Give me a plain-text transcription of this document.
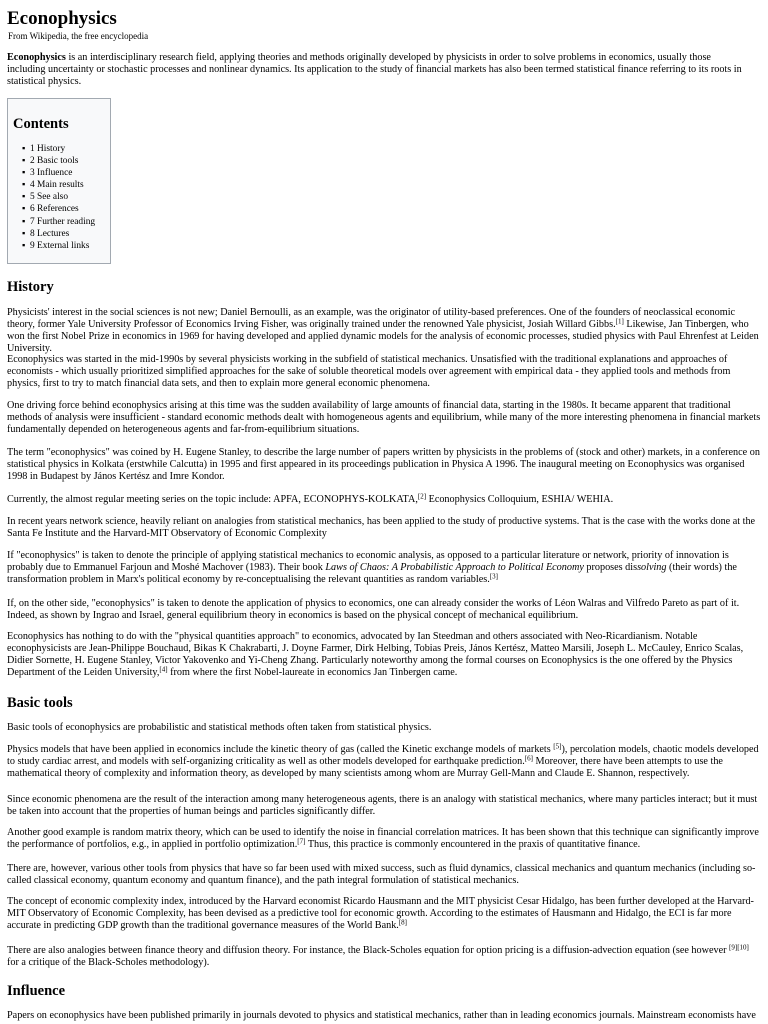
Econophysics
From Wikipedia, the free encyclopedia

Econophysics is an interdisciplinary research field, applying theories and methods originally developed by physicists in order to solve problems in economics, usually those including uncertainty or stochastic processes and nonlinear dynamics. Its application to the study of financial markets has also been termed statistical finance referring to its roots in statistical physics.

Contents
▪ 1 History
▪ 2 Basic tools
▪ 3 Influence
▪ 4 Main results
▪ 5 See also
▪ 6 References
▪ 7 Further reading
▪ 8 Lectures
▪ 9 External links
History

Physicists' interest in the social sciences is not new; Daniel Bernoulli, as an example, was the originator of utility-based preferences. One of the founders of neoclassical economic theory, former Yale University Professor of Economics Irving Fisher, was originally trained under the renowned Yale physicist, Josiah Willard Gibbs.[1] Likewise, Jan Tinbergen, who won the first Nobel Prize in economics in 1969 for having developed and applied dynamic models for the analysis of economic processes, studied physics with Paul Ehrenfest at Leiden University.

Econophysics was started in the mid-1990s by several physicists working in the subfield of statistical mechanics. Unsatisfied with the traditional explanations and approaches of economists - which usually prioritized simplified approaches for the sake of soluble theoretical models over agreement with empirical data - they applied tools and methods from physics, first to try to match financial data sets, and then to explain more general economic phenomena.

One driving force behind econophysics arising at this time was the sudden availability of large amounts of financial data, starting in the 1980s. It became apparent that traditional methods of analysis were insufficient - standard economic methods dealt with homogeneous agents and equilibrium, while many of the more interesting phenomena in financial markets fundamentally depended on heterogeneous agents and far-from-equilibrium situations.

The term "econophysics" was coined by H. Eugene Stanley, to describe the large number of papers written by physicists in the problems of (stock and other) markets, in a conference on statistical physics in Kolkata (erstwhile Calcutta) in 1995 and first appeared in its proceedings publication in Physica A 1996. The inaugural meeting on Econophysics was organised 1998 in Budapest by János Kertész and Imre Kondor.

Currently, the almost regular meeting series on the topic include: APFA, ECONOPHYS-KOLKATA,[2] Econophysics Colloquium, ESHIA/ WEHIA.

In recent years network science, heavily reliant on analogies from statistical mechanics, has been applied to the study of productive systems. That is the case with the works done at the Santa Fe Institute and the Harvard-MIT Observatory of Economic Complexity

If "econophysics" is taken to denote the principle of applying statistical mechanics to economic analysis, as opposed to a particular literature or network, priority of innovation is probably due to Emmanuel Farjoun and Moshé Machover (1983). Their book Laws of Chaos: A Probabilistic Approach to Political Economy proposes dissolving (their words) the transformation problem in Marx's political economy by re-conceptualising the relevant quantities as random variables.[3]

If, on the other side, "econophysics" is taken to denote the application of physics to economics, one can already consider the works of Léon Walras and Vilfredo Pareto as part of it. Indeed, as shown by Ingrao and Israel, general equilibrium theory in economics is based on the physical concept of mechanical equilibrium.

Econophysics has nothing to do with the "physical quantities approach" to economics, advocated by Ian Steedman and others associated with Neo-Ricardianism. Notable econophysicists are Jean-Philippe Bouchaud, Bikas K Chakrabarti, J. Doyne Farmer, Dirk Helbing, Tobias Preis, János Kertész, Matteo Marsili, Joseph L. McCauley, Enrico Scalas, Didier Sornette, H. Eugene Stanley, Victor Yakovenko and Yi-Cheng Zhang. Particularly noteworthy among the formal courses on Econophysics is the one offered by the Physics Department of the Leiden University,[4] from where the first Nobel-laureate in economics Jan Tinbergen came.

Basic tools

Basic tools of econophysics are probabilistic and statistical methods often taken from statistical physics.

Physics models that have been applied in economics include the kinetic theory of gas (called the Kinetic exchange models of markets [5]), percolation models, chaotic models developed to study cardiac arrest, and models with self-organizing criticality as well as other models developed for earthquake prediction.[6] Moreover, there have been attempts to use the mathematical theory of complexity and information theory, as developed by many scientists among whom are Murray Gell-Mann and Claude E. Shannon, respectively.

Since economic phenomena are the result of the interaction among many heterogeneous agents, there is an analogy with statistical mechanics, where many particles interact; but it must be taken into account that the properties of human beings and particles significantly differ.

Another good example is random matrix theory, which can be used to identify the noise in financial correlation matrices. It has been shown that this technique can significantly improve the performance of portfolios, e.g., in applied in portfolio optimization.[7] Thus, this practice is commonly encountered in the praxis of quantitative finance.

There are, however, various other tools from physics that have so far been used with mixed success, such as fluid dynamics, classical mechanics and quantum mechanics (including so-called classical economy, quantum economy and quantum finance), and the path integral formulation of statistical mechanics.

The concept of economic complexity index, introduced by the Harvard economist Ricardo Hausmann and the MIT physicist Cesar Hidalgo, has been further developed at the Harvard-MIT Observatory of Economic Complexity, has been devised as a predictive tool for economic growth. According to the estimates of Hausmann and Hidalgo, the ECI is far more accurate in predicting GDP growth than the traditional governance measures of the World Bank.[8]

There are also analogies between finance theory and diffusion theory. For instance, the Black-Scholes equation for option pricing is a diffusion-advection equation (see however [9][10] for a critique of the Black-Scholes methodology).

Influence

Papers on econophysics have been published primarily in journals devoted to physics and statistical mechanics, rather than in leading economics journals. Mainstream economists have
